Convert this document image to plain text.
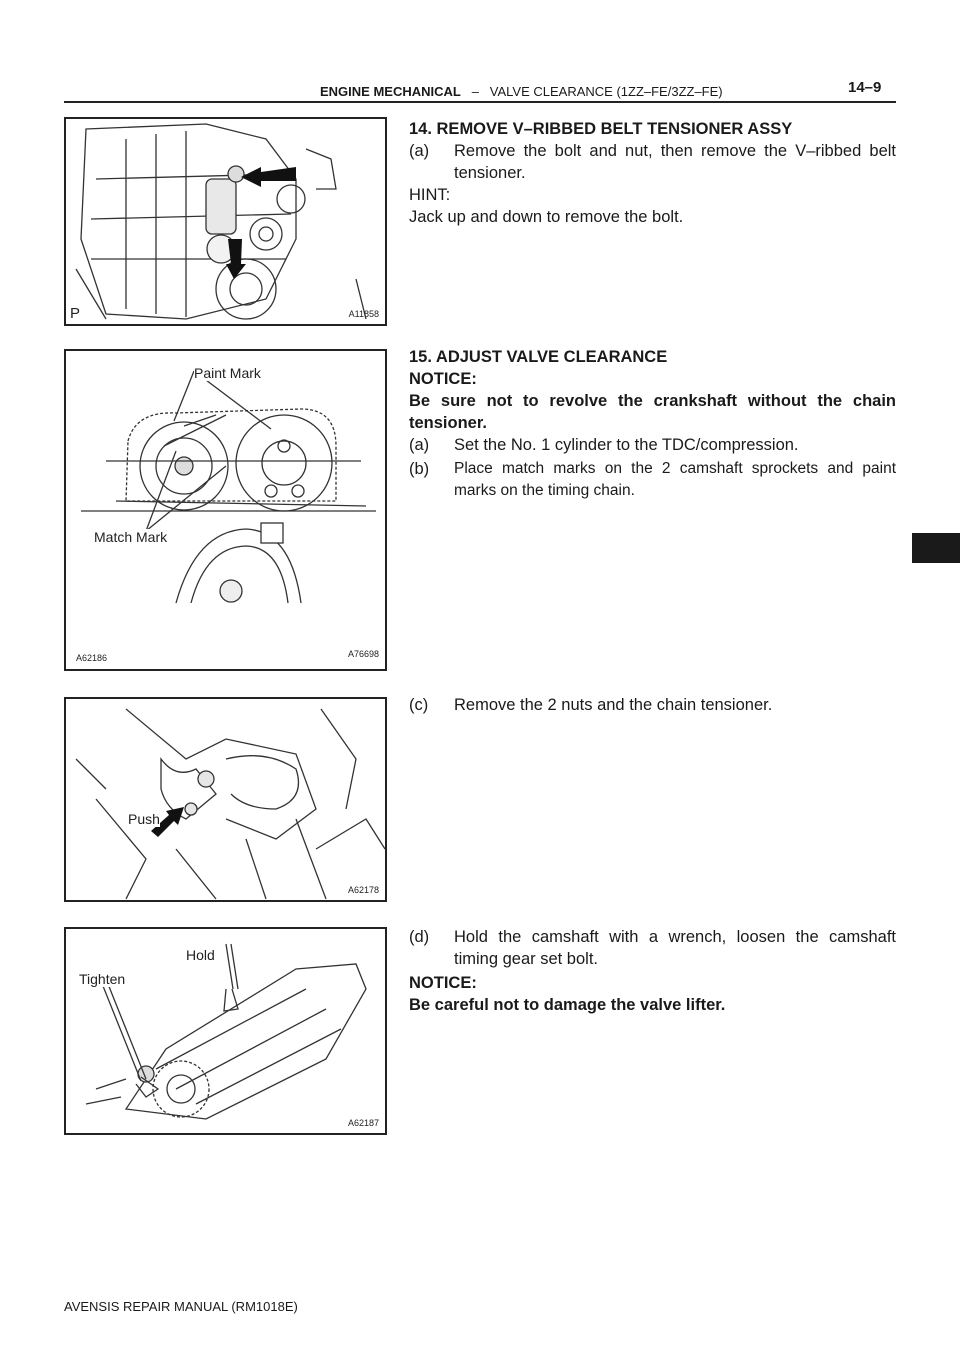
ENGINE MECHANICAL – VALVE CLEARANCE (1ZZ–FE/3ZZ–FE)	14–9
A11858
P
Paint Mark
Match Mark
A62186	A76698
Push
A62178
Hold
Tighten
A62187
14. REMOVE V–RIBBED BELT TENSIONER ASSY
(a) Remove the bolt and nut, then remove the V–ribbed belt tensioner.
HINT:
Jack up and down to remove the bolt.
15. ADJUST VALVE CLEARANCE
NOTICE:
Be sure not to revolve the crankshaft without the chain tensioner.
(a) Set the No. 1 cylinder to the TDC/compression.
(b) Place match marks on the 2 camshaft sprockets and paint marks on the timing chain.
(c) Remove the 2 nuts and the chain tensioner.
(d) Hold the camshaft with a wrench, loosen the camshaft timing gear set bolt.
NOTICE:
Be careful not to damage the valve lifter.
AVENSIS REPAIR MANUAL (RM1018E)
